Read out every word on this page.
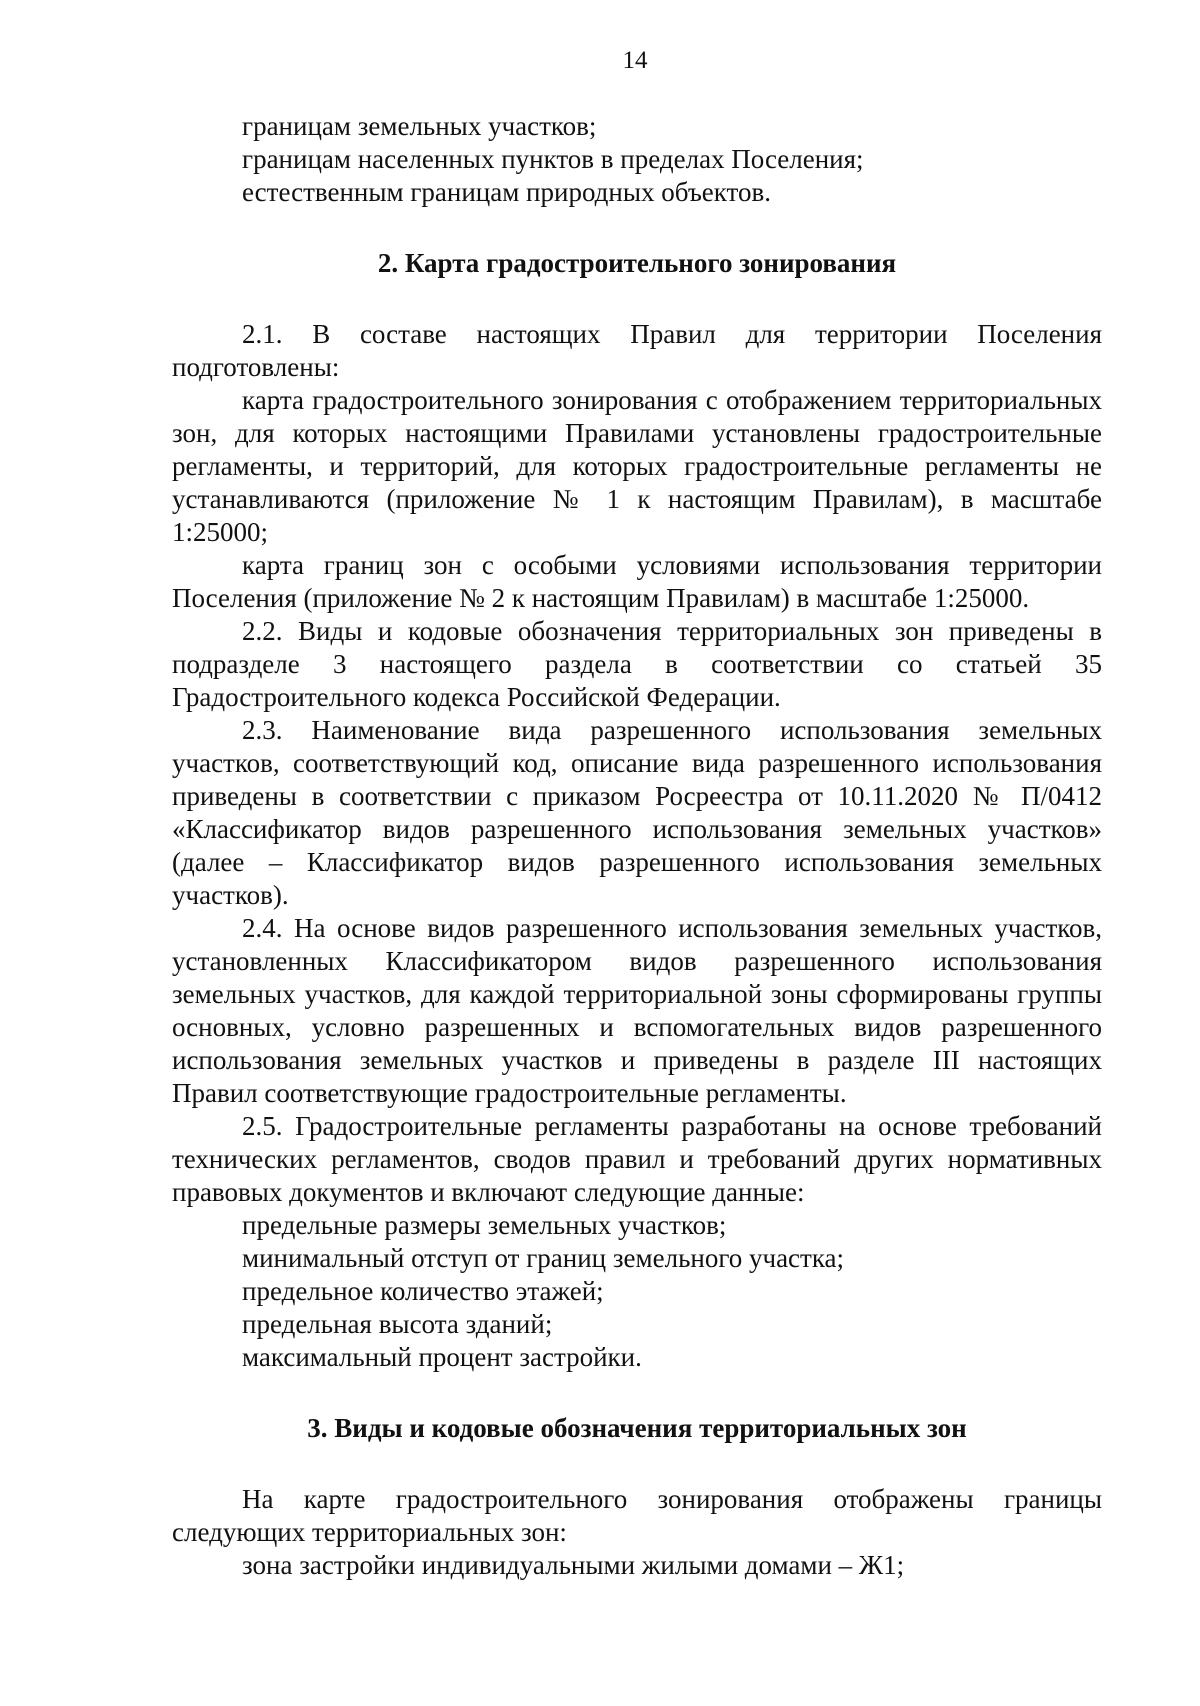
14
границам земельных участков;
границам населенных пунктов в пределах Поселения;
естественным границам природных объектов.
2. Карта градостроительного зонирования

2.1. В составе настоящих Правил для территории Поселения подготовлены:

карта градостроительного зонирования с отображением территориальных зон, для которых настоящими Правилами установлены градостроительные регламенты, и территорий, для которых градостроительные регламенты не устанавливаются (приложение № 1 к настоящим Правилам), в масштабе 1:25000;

карта границ зон с особыми условиями использования территории Поселения (приложение № 2 к настоящим Правилам) в масштабе 1:25000.

2.2. Виды и кодовые обозначения территориальных зон приведены в подразделе 3 настоящего раздела в соответствии со статьей 35 Градостроительного кодекса Российской Федерации.

2.3. Наименование вида разрешенного использования земельных участков, соответствующий код, описание вида разрешенного использования приведены в соответствии с приказом Росреестра от 10.11.2020 № П/0412 «Классификатор видов разрешенного использования земельных участков» (далее – Классификатор видов разрешенного использования земельных участков).

2.4. На основе видов разрешенного использования земельных участков, установленных Классификатором видов разрешенного использования земельных участков, для каждой территориальной зоны сформированы группы основных, условно разрешенных и вспомогательных видов разрешенного использования земельных участков и приведены в разделе III настоящих Правил соответствующие градостроительные регламенты.

2.5. Градостроительные регламенты разработаны на основе требований технических регламентов, сводов правил и требований других нормативных правовых документов и включают следующие данные:

предельные размеры земельных участков;
минимальный отступ от границ земельного участка;
предельное количество этажей;
предельная высота зданий;
максимальный процент застройки.
3. Виды и кодовые обозначения территориальных зон

На карте градостроительного зонирования отображены границы следующих территориальных зон:

зона застройки индивидуальными жилыми домами – Ж1;
